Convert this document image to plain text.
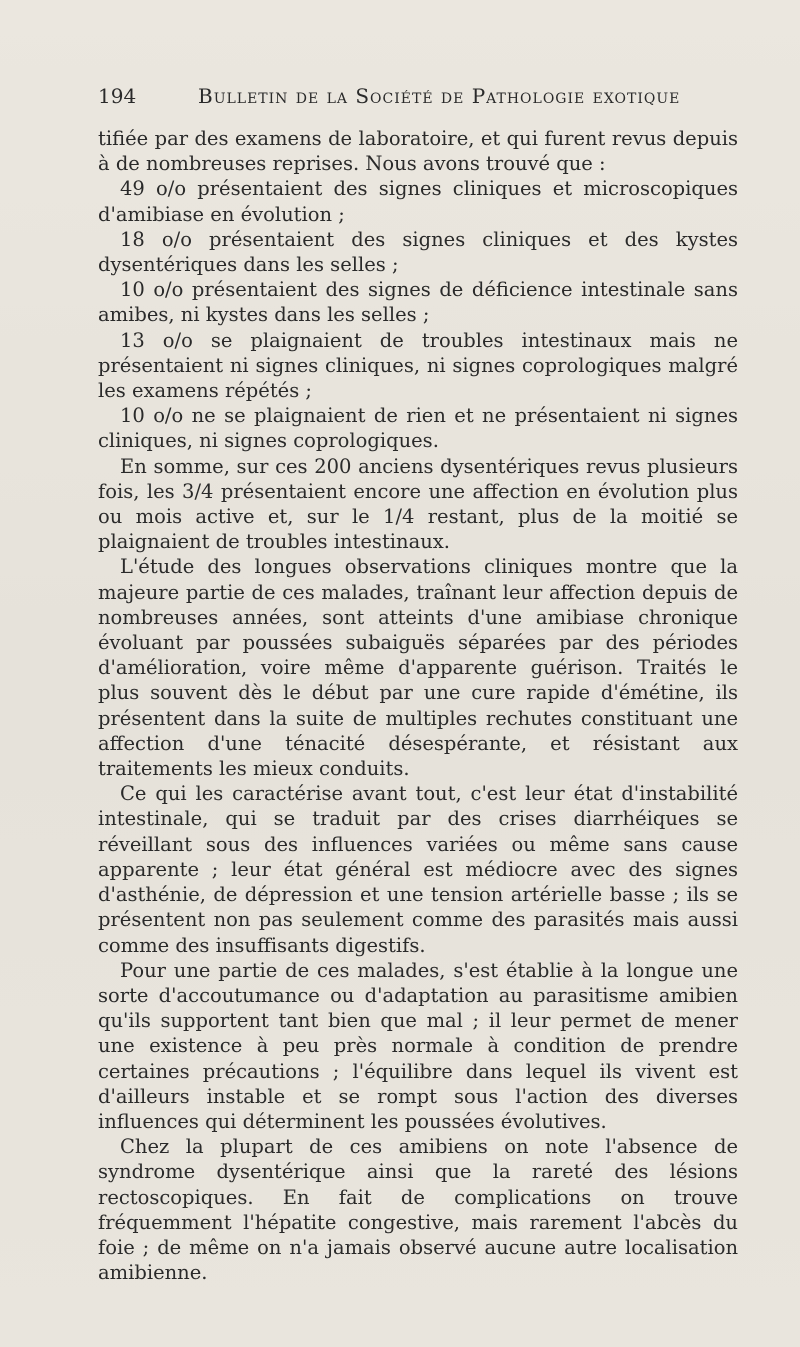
194	Bulletin de la Société de Pathologie exotique

tifiée par des examens de laboratoire, et qui furent revus depuis à de nombreuses reprises. Nous avons trouvé que :

49 o/o présentaient des signes cliniques et microscopiques d'amibiase en évolution ;

18 o/o présentaient des signes cliniques et des kystes dysentériques dans les selles ;

10 o/o présentaient des signes de déficience intestinale sans amibes, ni kystes dans les selles ;

13 o/o se plaignaient de troubles intestinaux mais ne présentaient ni signes cliniques, ni signes coprologiques malgré les examens répétés ;

10 o/o ne se plaignaient de rien et ne présentaient ni signes cliniques, ni signes coprologiques.

En somme, sur ces 200 anciens dysentériques revus plusieurs fois, les 3/4 présentaient encore une affection en évolution plus ou mois active et, sur le 1/4 restant, plus de la moitié se plaignaient de troubles intestinaux.

L'étude des longues observations cliniques montre que la majeure partie de ces malades, traînant leur affection depuis de nombreuses années, sont atteints d'une amibiase chronique évoluant par poussées subaiguës séparées par des périodes d'amélioration, voire même d'apparente guérison. Traités le plus souvent dès le début par une cure rapide d'émétine, ils présentent dans la suite de multiples rechutes constituant une affection d'une ténacité désespérante, et résistant aux traitements les mieux conduits.

Ce qui les caractérise avant tout, c'est leur état d'instabilité intestinale, qui se traduit par des crises diarrhéiques se réveillant sous des influences variées ou même sans cause apparente ; leur état général est médiocre avec des signes d'asthénie, de dépression et une tension artérielle basse ; ils se présentent non pas seulement comme des parasités mais aussi comme des insuffisants digestifs.

Pour une partie de ces malades, s'est établie à la longue une sorte d'accoutumance ou d'adaptation au parasitisme amibien qu'ils supportent tant bien que mal ; il leur permet de mener une existence à peu près normale à condition de prendre certaines précautions ; l'équilibre dans lequel ils vivent est d'ailleurs instable et se rompt sous l'action des diverses influences qui déterminent les poussées évolutives.

Chez la plupart de ces amibiens on note l'absence de syndrome dysentérique ainsi que la rareté des lésions rectoscopiques. En fait de complications on trouve fréquemment l'hépatite congestive, mais rarement l'abcès du foie ; de même on n'a jamais observé aucune autre localisation amibienne.
